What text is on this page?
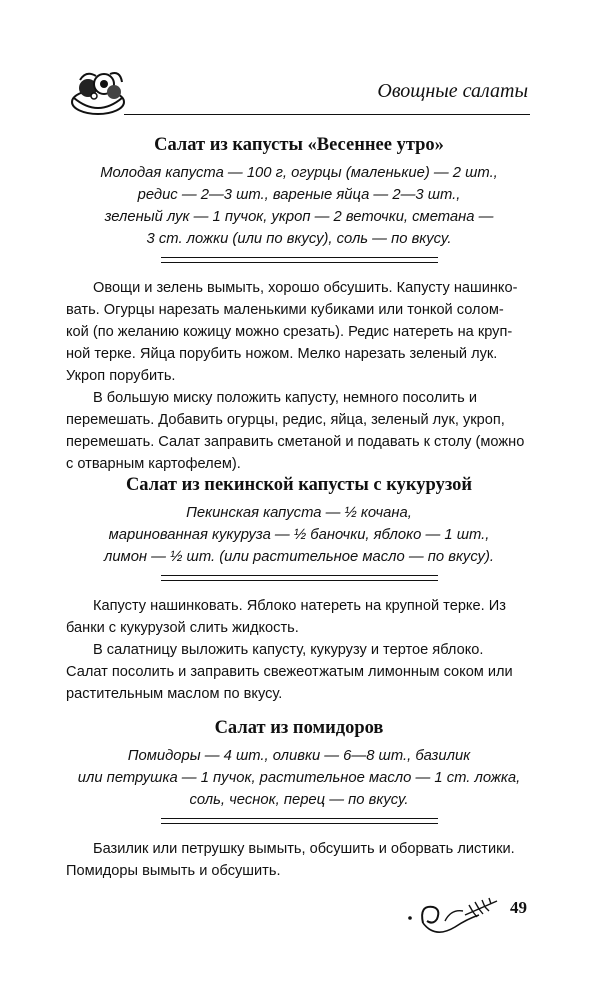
Овощные салаты
Салат из капусты «Весеннее утро»

Молодая капуста — 100 г, огурцы (маленькие) — 2 шт.,
редис — 2—3 шт., вареные яйца — 2—3 шт.,
зеленый лук — 1 пучок, укроп — 2 веточки, сметана —
3 ст. ложки (или по вкусу), соль — по вкусу.

Овощи и зелень вымыть, хорошо обсушить. Капусту нашинко-
вать. Огурцы нарезать маленькими кубиками или тонкой солом-
кой (по желанию кожицу можно срезать). Редис натереть на круп-
ной терке. Яйца порубить ножом. Мелко нарезать зеленый лук.
Укроп порубить.

В большую миску положить капусту, немного посолить и
перемешать. Добавить огурцы, редис, яйца, зеленый лук, укроп,
перемешать. Салат заправить сметаной и подавать к столу (можно
с отварным картофелем).

Салат из пекинской капусты с кукурузой

Пекинская капуста — ½ кочана,
маринованная кукуруза — ½ баночки, яблоко — 1 шт.,
лимон — ½ шт. (или растительное масло — по вкусу).

Капусту нашинковать. Яблоко натереть на крупной терке. Из
банки с кукурузой слить жидкость.

В салатницу выложить капусту, кукурузу и тертое яблоко.
Салат посолить и заправить свежеотжатым лимонным соком или
растительным маслом по вкусу.

Салат из помидоров

Помидоры — 4 шт., оливки — 6—8 шт., базилик
или петрушка — 1 пучок, растительное масло — 1 ст. ложка,
соль, чеснок, перец — по вкусу.

Базилик или петрушку вымыть, обсушить и оборвать листики.
Помидоры вымыть и обсушить.

49
